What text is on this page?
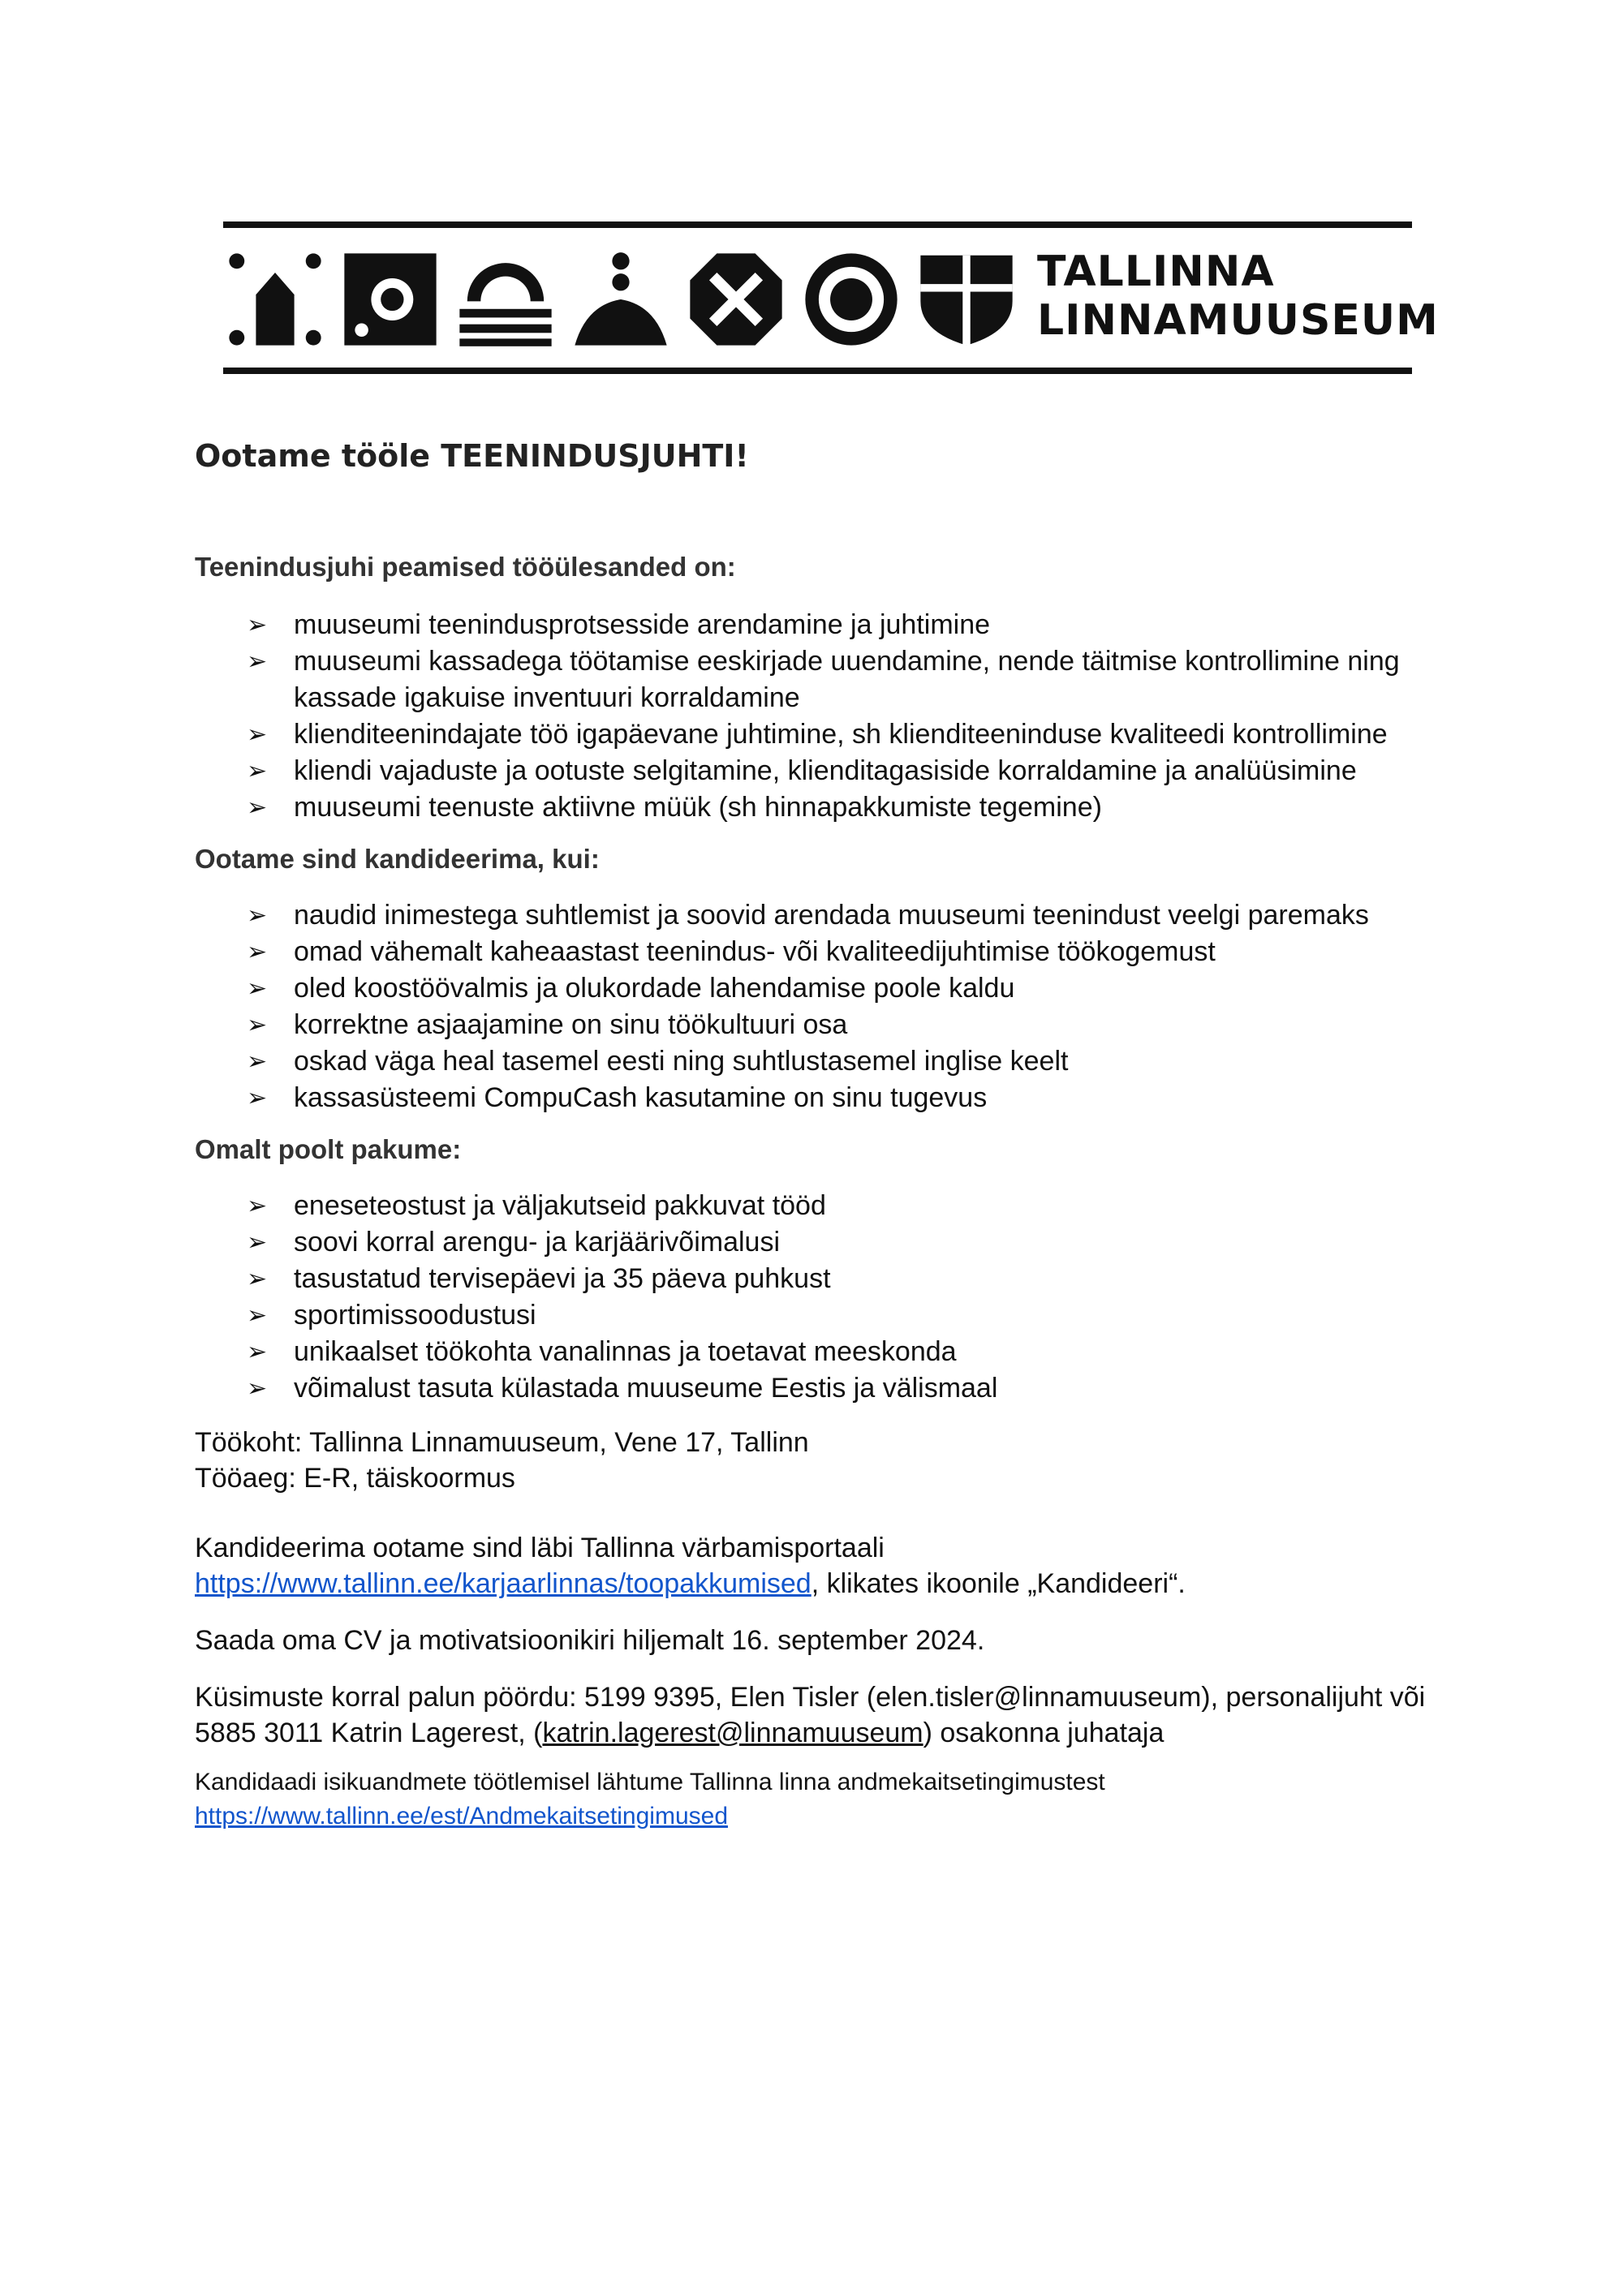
TALLINNA
LINNAMUUSEUM
Ootame tööle TEENINDUSJUHTI!

Teenindusjuhi peamised tööülesanded on:

➢ muuseumi teenindusprotsesside arendamine ja juhtimine
➢ muuseumi kassadega töötamise eeskirjade uuendamine, nende täitmise kontrollimine ning kassade igakuise inventuuri korraldamine
➢ klienditeenindajate töö igapäevane juhtimine, sh klienditeeninduse kvaliteedi kontrollimine
➢ kliendi vajaduste ja ootuste selgitamine, klienditagasiside korraldamine ja analüüsimine
➢ muuseumi teenuste aktiivne müük (sh hinnapakkumiste tegemine)

Ootame sind kandideerima, kui:

➢ naudid inimestega suhtlemist ja soovid arendada muuseumi teenindust veelgi paremaks
➢ omad vähemalt kaheaastast teenindus- või kvaliteedijuhtimise töökogemust
➢ oled koostöövalmis ja olukordade lahendamise poole kaldu
➢ korrektne asjaajamine on sinu töökultuuri osa
➢ oskad väga heal tasemel eesti ning suhtlustasemel inglise keelt
➢ kassasüsteemi CompuCash kasutamine on sinu tugevus

Omalt poolt pakume:

➢ eneseteostust ja väljakutseid pakkuvat tööd
➢ soovi korral arengu- ja karjäärivõimalusi
➢ tasustatud tervisepäevi ja 35 päeva puhkust
➢ sportimissoodustusi
➢ unikaalset töökohta vanalinnas ja toetavat meeskonda
➢ võimalust tasuta külastada muuseume Eestis ja välismaal

Töökoht: Tallinna Linnamuuseum, Vene 17, Tallinn

Tööaeg: E-R, täiskoormus

Kandideerima ootame sind läbi Tallinna värbamisportaali
https://www.tallinn.ee/karjaarlinnas/toopakkumised, klikates ikoonile „Kandideeri“.

Saada oma CV ja motivatsioonikiri hiljemalt 16. september 2024.

Küsimuste korral palun pöördu: 5199 9395, Elen Tisler (elen.tisler@linnamuuseum), personalijuht või 5885 3011 Katrin Lagerest, (katrin.lagerest@linnamuuseum) osakonna juhataja

Kandidaadi isikuandmete töötlemisel lähtume Tallinna linna andmekaitsetingimustest
https://www.tallinn.ee/est/Andmekaitsetingimused
